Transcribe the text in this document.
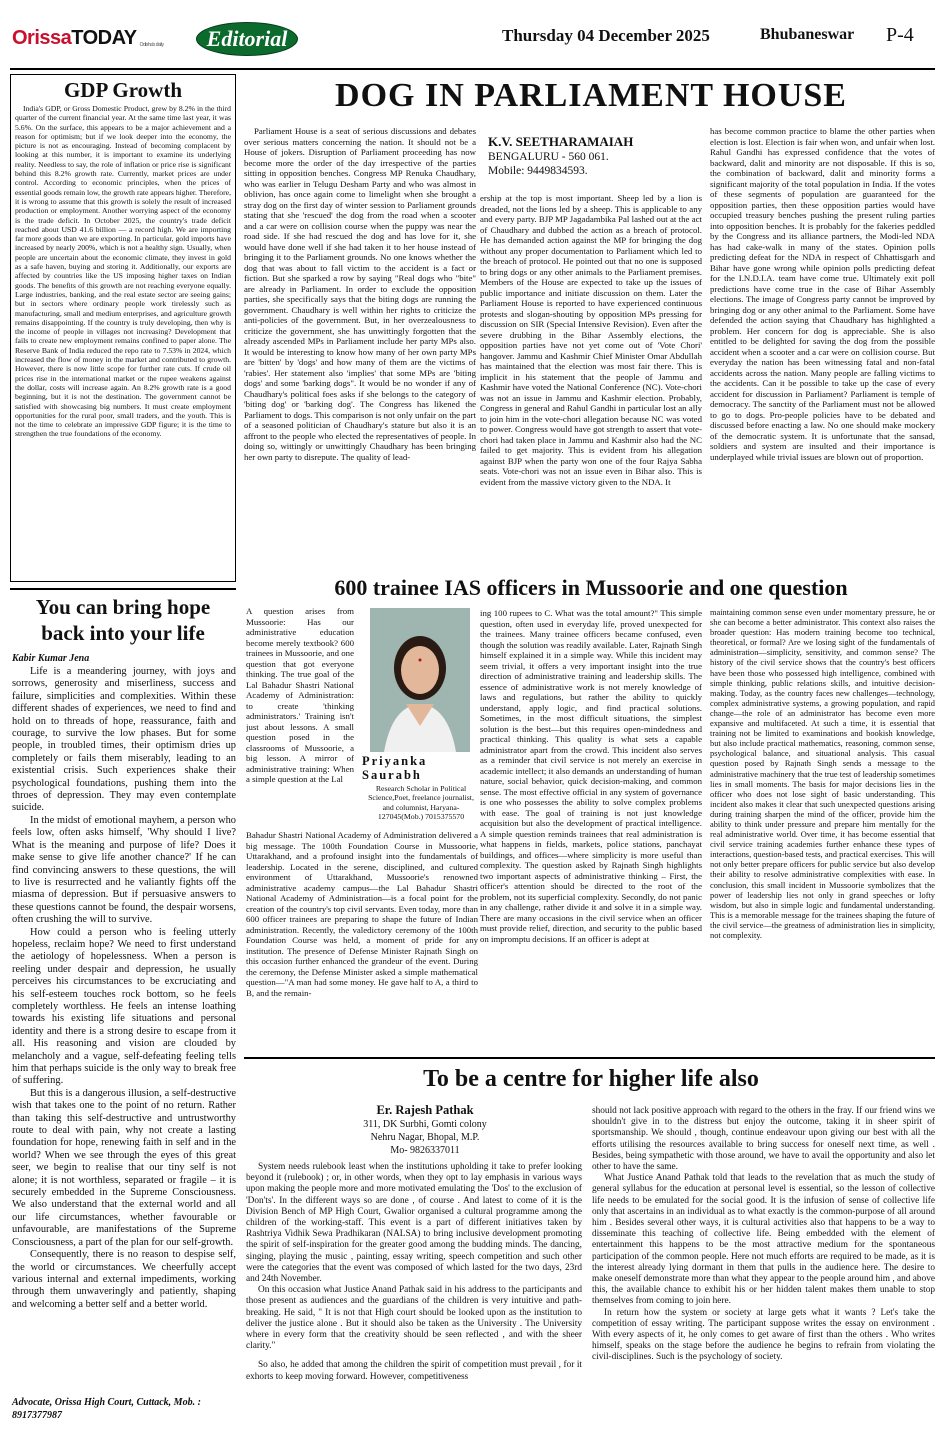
Orissa TODAY Odisha's daily	Editorial	Thursday 04 December 2025	Bhubaneswar P-4
GDP Growth
India's GDP, or Gross Domestic Product, grew by 8.2% in the third quarter of the current financial year. At the same time last year, it was 5.6%. On the surface, this appears to be a major achievement and a reason for optimism; but if we look deeper into the economy, the picture is not as encouraging. Instead of becoming complacent by looking at this number, it is important to examine its underlying reality. Needless to say, the role of inflation or price rise is significant behind this 8.2% growth rate. Currently, market prices are under control. According to economic principles, when the prices of essential goods remain low, the growth rate appears higher. Therefore, it is wrong to assume that this growth is solely the result of increased production or employment. Another worrying aspect of the economy is the trade deficit. In October 2025, the country's trade deficit reached about USD 41.6 billion — a record high. We are importing far more goods than we are exporting. In particular, gold imports have increased by nearly 200%, which is not a healthy sign. Usually, when people are uncertain about the economic climate, they invest in gold as a safe haven, buying and storing it. Additionally, our exports are affected by countries like the US imposing higher taxes on Indian goods. The benefits of this growth are not reaching everyone equally. Large industries, banking, and the real estate sector are seeing gains; but in sectors where ordinary people work tirelessly such as manufacturing, small and medium enterprises, and agriculture growth remains disappointing. If the country is truly developing, then why is the income of people in villages not increasing? Development that fails to create new employment remains confined to paper alone. The Reserve Bank of India reduced the repo rate to 7.53% in 2024, which increased the flow of money in the market and contributed to growth. However, there is now little scope for further rate cuts. If crude oil prices rise in the international market or the rupee weakens against the dollar, costs will increase again. An 8.2% growth rate is a good beginning, but it is not the destination. The government cannot be satisfied with showcasing big numbers. It must create employment opportunities for the rural poor, small traders, and the youth. This is not the time to celebrate an impressive GDP figure; it is the time to strengthen the true foundations of the economy.
DOG IN PARLIAMENT HOUSE
Parliament House is a seat of serious discussions and debates over serious matters concerning the nation. It should not be a House of jokers. Disruption of Parliament proceeding has now become more the order of the day irrespective of the parties sitting in opposition benches. Congress MP Renuka Chaudhary, who was earlier in Telugu Desham Party and who was almost in oblivion, has once again come to limelight when she brought a stray dog on the first day of winter session to Parliament grounds stating that she 'rescued' the dog from the road when a scooter and a car were on collision course when the puppy was near the road side. If she had rescued the dog and has love for it, she would have done well if she had taken it to her house instead of bringing it to the Parliament grounds. No one knows whether the dog that was about to fall victim to the accident is a fact or fiction. But she sparked a row by saying "Real dogs who "bite" are already in Parliament. In order to exclude the opposition parties, she specifically says that the biting dogs are running the government. Chaudhary is well within her rights to criticize the anti-policies of the government. But, in her overzealousness to criticize the government, she has unwittingly forgotten that the already ascended MPs in Parliament include her party MPs also. It would be interesting to know how many of her own party MPs are 'bitten' by 'dogs' and how many of them are the victims of 'rabies'. Her statement also 'implies' that some MPs are 'biting dogs' and some 'barking dogs". It would be no wonder if any of Chaudhary's political foes asks if she belongs to the category of 'biting dog' or 'barking dog'. The Congress has likened the Parliament to dogs. This comparison is not only unfair on the part of a seasoned politician of Chaudhary's stature but also it is an affront to the people who elected the representatives of people. In doing so, wittingly or unwittingly Chaudhary has been bringing her own party to disrepute. The quality of lead-
K.V. SEETHARAMAIAH
BENGALURU - 560 061.
Mobile: 9449834593.
ership at the top is most important. Sheep led by a lion is dreaded, not the lions led by a sheep. This is applicable to any and every party. BJP MP Jagadambika Pal lashed out at the act of Chaudhary and dubbed the action as a breach of protocol. He has demanded action against the MP for bringing the dog without any proper documentation to Parliament which led to the breach of protocol. He pointed out that no one is supposed to bring dogs or any other animals to the Parliament premises. Members of the House are expected to take up the issues of public importance and initiate discussion on them. Later the Parliament House is reported to have experienced continuous protests and slogan-shouting by opposition MPs pressing for discussion on SIR (Special Intensive Revision). Even after the severe drubbing in the Bihar Assembly elections, the opposition parties have not yet come out of 'Vote Chori' hangover. Jammu and Kashmir Chief Minister Omar Abdullah has maintained that the election was most fair there. This is implicit in his statement that the people of Jammu and Kashmir have voted the National Conference (NC). Vote-chori was not an issue in Jammu and Kashmir election. Probably, Congress in general and Rahul Gandhi in particular lost an ally to join him in the vote-chori allegation because NC was voted to power. Congress would have got strength to assert that vote-chori had taken place in Jammu and Kashmir also had the NC failed to get majority. This is evident from his allegation against BJP when the party won one of the four Rajya Sabha seats. Vote-chori was not an issue even in Bihar also. This is evident from the massive victory given to the NDA. It
has become common practice to blame the other parties when election is lost. Election is fair when won, and unfair when lost. Rahul Gandhi has expressed confidence that the votes of backward, dalit and minority are not disposable. If this is so, the combination of backward, dalit and minority forms a significant majority of the total population in India. If the votes of these segments of population are guaranteed for the opposition parties, then these opposition parties would have occupied treasury benches pushing the present ruling parties into opposition benches. It is probably for the fakeries peddled by the Congress and its alliance partners, the Modi-led NDA has had cake-walk in many of the states. Opinion polls predicting defeat for the NDA in respect of Chhattisgarh and Bihar have gone wrong while opinion polls predicting defeat for the I.N.D.I.A. team have come true. Ultimately exit poll predictions have come true in the case of Bihar Assembly elections. The image of Congress party cannot be improved by bringing dog or any other animal to the Parliament. Some have defended the action saying that Chaudhary has highlighted a problem. Her concern for dog is appreciable. She is also entitled to be delighted for saving the dog from the possible accident when a scooter and a car were on collision course. But everyday the nation has been witnessing fatal and non-fatal accidents across the nation. Many people are falling victims to the accidents. Can it be possible to take up the case of every accident for discussion in Parliament? Parliament is temple of democracy. The sanctity of the Parliament must not be allowed to go to dogs. Pro-people policies have to be debated and discussed before enacting a law. No one should make mockery of the democratic system. It is unfortunate that the sansad, soldiers and system are insulted and their importance is underplayed while trivial issues are blown out of proportion.
You can bring hope back into your life
Kabir Kumar Jena

Life is a meandering journey, with joys and sorrows, generosity and miserliness, success and failure, simplicities and complexities. Within these different shades of experiences, we need to find and hold on to threads of hope, reassurance, faith and courage, to survive the low phases. But for some people, in troubled times, their optimism dries up completely or fails them miserably, leading to an existential crisis. Such experiences shake their psychological foundations, pushing them into the throes of depression. They may even contemplate suicide.

In the midst of emotional mayhem, a person who feels low, often asks himself, 'Why should I live? What is the meaning and purpose of life? Does it make sense to give life another chance?' If he can find convincing answers to these questions, the will to live is resurrected and he valiantly fights off the miasma of depression. But if persuasive answers to these questions cannot be found, the despair worsens, often crushing the will to survive.

How could a person who is feeling utterly hopeless, reclaim hope? We need to first understand the aetiology of hopelessness. When a person is reeling under despair and depression, he usually perceives his circumstances to be excruciating and his self-esteem touches rock bottom, so he feels completely worthless. He feels an intense loathing towards his existing life situations and personal identity and there is a strong desire to escape from it all. His reasoning and vision are clouded by melancholy and a vague, self-defeating feeling tells him that perhaps suicide is the only way to break free of suffering.

But this is a dangerous illusion, a self-destructive wish that takes one to the point of no return. Rather than taking this self-destructive and untrustworthy route to deal with pain, why not create a lasting foundation for hope, renewing faith in self and in the world? When we see through the eyes of this great seer, we begin to realise that our tiny self is not alone; it is not worthless, separated or fragile – it is securely embedded in the Supreme Consciousness. We also understand that the external world and all our life circumstances, whether favourable or unfavourable, are manifestations of the Supreme Consciousness, a part of the plan for our self-growth.

Consequently, there is no reason to despise self, the world or circumstances. We cheerfully accept various internal and external impediments, working through them unwaveringly and patiently, shaping and welcoming a better self and a better world.

Advocate, Orissa High Court, Cuttack, Mob. : 8917377987
600 trainee IAS officers in Mussoorie and one question
A question arises from Mussoorie: Has our administrative education become merely textbook? 600 trainees in Mussoorie, and one question that got everyone thinking. The true goal of the Lal Bahadur Shastri National Academy of Administration: to create 'thinking administrators.' Training isn't just about lessons. A small question posed in the classrooms of Mussoorie, a big lesson. A mirror of administrative training: When a simple question at the Lal
Priyanka Saurabh
Research Scholar in Political Science,Poet, freelance journalist, and columnist, Haryana-127045(Mob.) 7015375570
Bahadur Shastri National Academy of Administration delivered a big message. The 100th Foundation Course in Mussoorie, Uttarakhand, and a profound insight into the fundamentals of leadership. Located in the serene, disciplined, and cultured environment of Uttarakhand, Mussoorie's renowned administrative academy campus—the Lal Bahadur Shastri National Academy of Administration—is a focal point for the creation of the country's top civil servants. Even today, more than 600 officer trainees are preparing to shape the future of Indian administration. Recently, the valedictory ceremony of the 100th Foundation Course was held, a moment of pride for any institution. The presence of Defense Minister Rajnath Singh on this occasion further enhanced the grandeur of the event. During the ceremony, the Defense Minister asked a simple mathematical question—"A man had some money. He gave half to A, a third to B, and the remain-
ing 100 rupees to C. What was the total amount?" This simple question, often used in everyday life, proved unexpected for the trainees. Many trainee officers became confused, even though the solution was readily available. Later, Rajnath Singh himself explained it in a simple way. While this incident may seem trivial, it offers a very important insight into the true direction of administrative training and leadership skills. The essence of administrative work is not merely knowledge of laws and regulations, but rather the ability to quickly understand, apply logic, and find practical solutions. Sometimes, in the most difficult situations, the simplest solution is the best—but this requires open-mindedness and practical thinking. This quality is what sets a capable administrator apart from the crowd. This incident also serves as a reminder that civil service is not merely an exercise in academic intellect; it also demands an understanding of human nature, social behavior, quick decision-making, and common sense. The most effective official in any system of governance is one who possesses the ability to solve complex problems with ease. The goal of training is not just knowledge acquisition but also the development of practical intelligence. A simple question reminds trainees that real administration is what happens in fields, markets, police stations, panchayat buildings, and offices—where simplicity is more useful than complexity. The question asked by Rajnath Singh highlights two important aspects of administrative thinking – First, the officer's attention should be directed to the root of the problem, not its superficial complexity. Secondly, do not panic in any challenge, rather divide it and solve it in a simple way. There are many occasions in the civil service when an officer must provide relief, direction, and security to the public based on impromptu decisions. If an officer is adept at
maintaining common sense even under momentary pressure, he or she can become a better administrator. This context also raises the broader question: Has modern training become too technical, theoretical, or formal? Are we losing sight of the fundamentals of administration—simplicity, sensitivity, and common sense? The history of the civil service shows that the country's best officers have been those who possessed high intelligence, combined with simple thinking, public relations skills, and intuitive decision-making. Today, as the country faces new challenges—technology, complex administrative systems, a growing population, and rapid change—the role of an administrator has become even more expansive and multifaceted. At such a time, it is essential that training not be limited to examinations and bookish knowledge, but also include practical mathematics, reasoning, common sense, psychological balance, and situational analysis. This casual question posed by Rajnath Singh sends a message to the administrative machinery that the true test of leadership sometimes lies in small moments. The basis for major decisions lies in the officer who does not lose sight of basic understanding. This incident also makes it clear that such unexpected questions arising during training sharpen the mind of the officer, provide him the ability to think under pressure and prepare him mentally for the real administrative world. Over time, it has become essential that civil service training academies further enhance these types of interactions, question-based tests, and practical exercises. This will not only better prepare officers for public service but also develop their ability to resolve administrative complexities with ease. In conclusion, this small incident in Mussoorie symbolizes that the power of leadership lies not only in grand speeches or lofty wisdom, but also in simple logic and fundamental understanding. This is a memorable message for the trainees shaping the future of the civil service—the greatness of administration lies in simplicity, not complexity.
To be a centre for higher life also
Er. Rajesh Pathak
311, DK Surbhi, Gomti colony
Nehru Nagar, Bhopal, M.P.
Mo- 9826337011

System needs rulebook least when the institutions upholding it take to prefer looking beyond it (rulebook) ; or, in other words, when they opt to lay emphasis in various ways upon making the people more and more motivated emulating the 'Dos' to the exclusion of 'Don'ts'. In the different ways so are done , of course . And latest to come of it is the Division Bench of MP High Court, Gwalior organised a cultural programme among the children of the working-staff. This event is a part of different initiatives taken by Rashtriya Vidhik Sewa Pradhikaran (NALSA) to bring inclusive development promoting the spirit of self-inspiration for the greater good among the budding minds. The dancing, singing, playing the music , painting, essay writing, speech competition and such other were the categories that the event was composed of which lasted for the two days, 23rd and 24th November.

On this occasion what Justice Anand Pathak said in his address to the participants and those present as audiences and the guardians of the children is very intuitive and path-breaking. He said, " It is not that High court should be looked upon as the institution to deliver the justice alone . But it should also be taken as the University . The University where in every form that the creativity should be seen reflected , and with the sheer clarity."

So also, he added that among the children the spirit of competition must prevail , for it exhorts to keep moving forward. However, competitiveness

should not lack positive approach with regard to the others in the fray. If our friend wins we shouldn't give in to the distress but enjoy the outcome, taking it in sheer spirit of sportsmanship. We should , though, continue endeavour upon giving our best with all the efforts utilising the resources available to bring success for oneself next time, as well . Besides, being sympathetic with those around, we have to avail the opportunity and also let other to have the same.

What Justice Anand Pathak told that leads to the revelation that as much the study of general syllabus for the education at personal level is essential, so the lesson of collective life needs to be emulated for the social good. It is the infusion of sense of collective life only that ascertains in an individual as to what exactly is the common-purpose of all around him . Besides several other ways, it is cultural activities also that happens to be a way to disseminate this teaching of collective life. Being embedded with the element of entertainment this happens to be the most attractive medium for the spontaneous participation of the common people. Here not much efforts are required to be made, as it is the interest already lying dormant in them that pulls in the audience here. The desire to make oneself demonstrate more than what they appear to the people around him , and above this, the available chance to exhibit his or her hidden talent makes them unable to stop themselves from coming to join here.

In return how the system or society at large gets what it wants ? Let's take the competition of essay writing. The participant suppose writes the essay on environment . With every aspects of it, he only comes to get aware of first than the others . Who writes himself, speaks on the stage before the audience he begins to refrain from violating the civil-disciplines. Such is the psychology of society.
